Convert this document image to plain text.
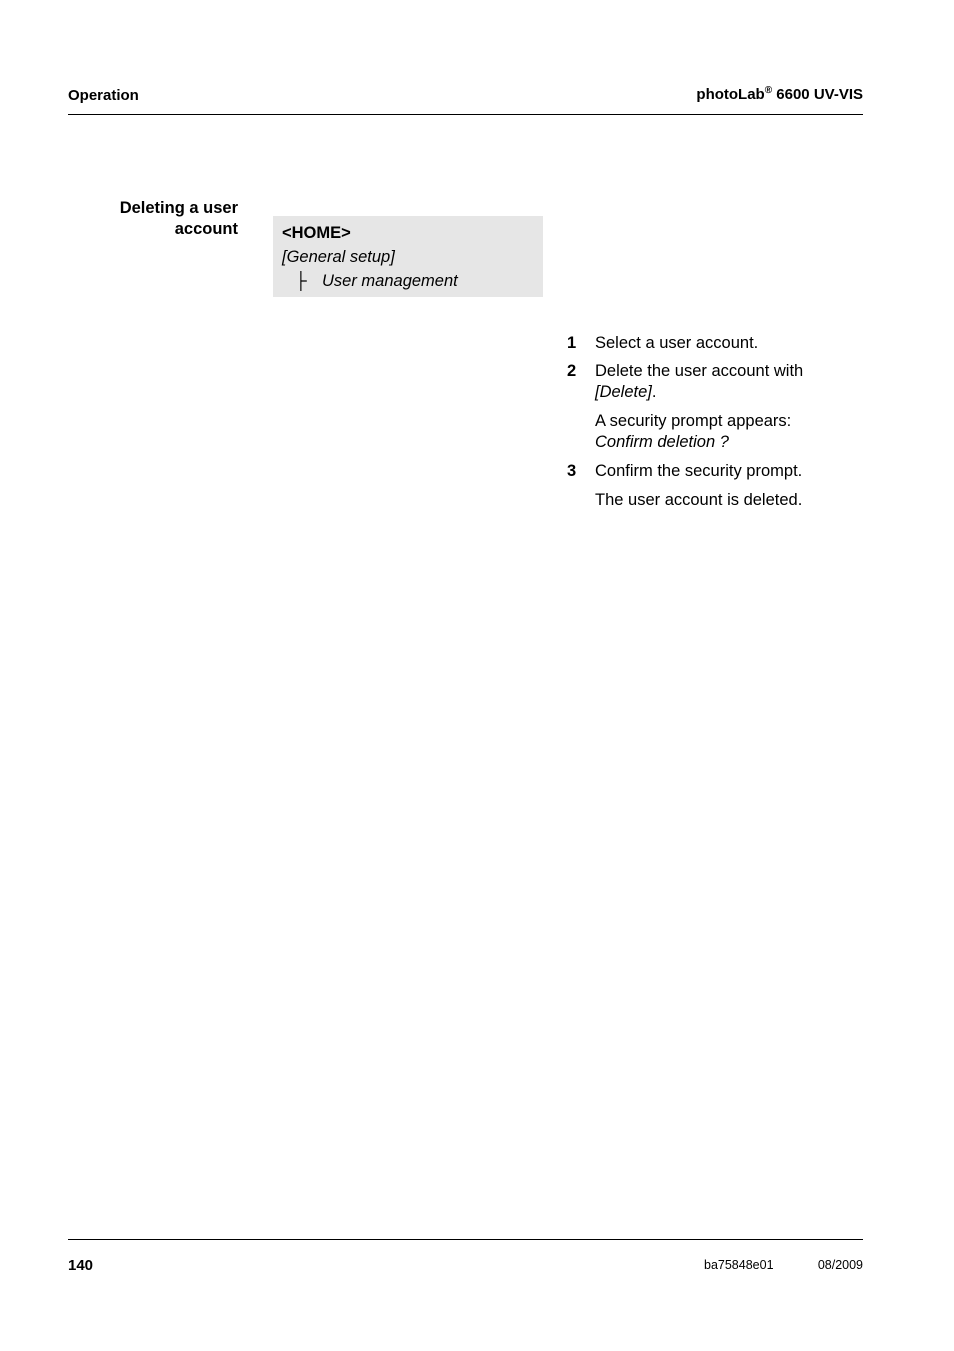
Operation	photoLab® 6600 UV-VIS
Deleting a user
account	<HOME>
[General setup]
├ User management
1 Select a user account.
2 Delete the user account with
[Delete].
A security prompt appears:
Confirm deletion ?
3 Confirm the security prompt.
The user account is deleted.
140	ba75848e01	08/2009
